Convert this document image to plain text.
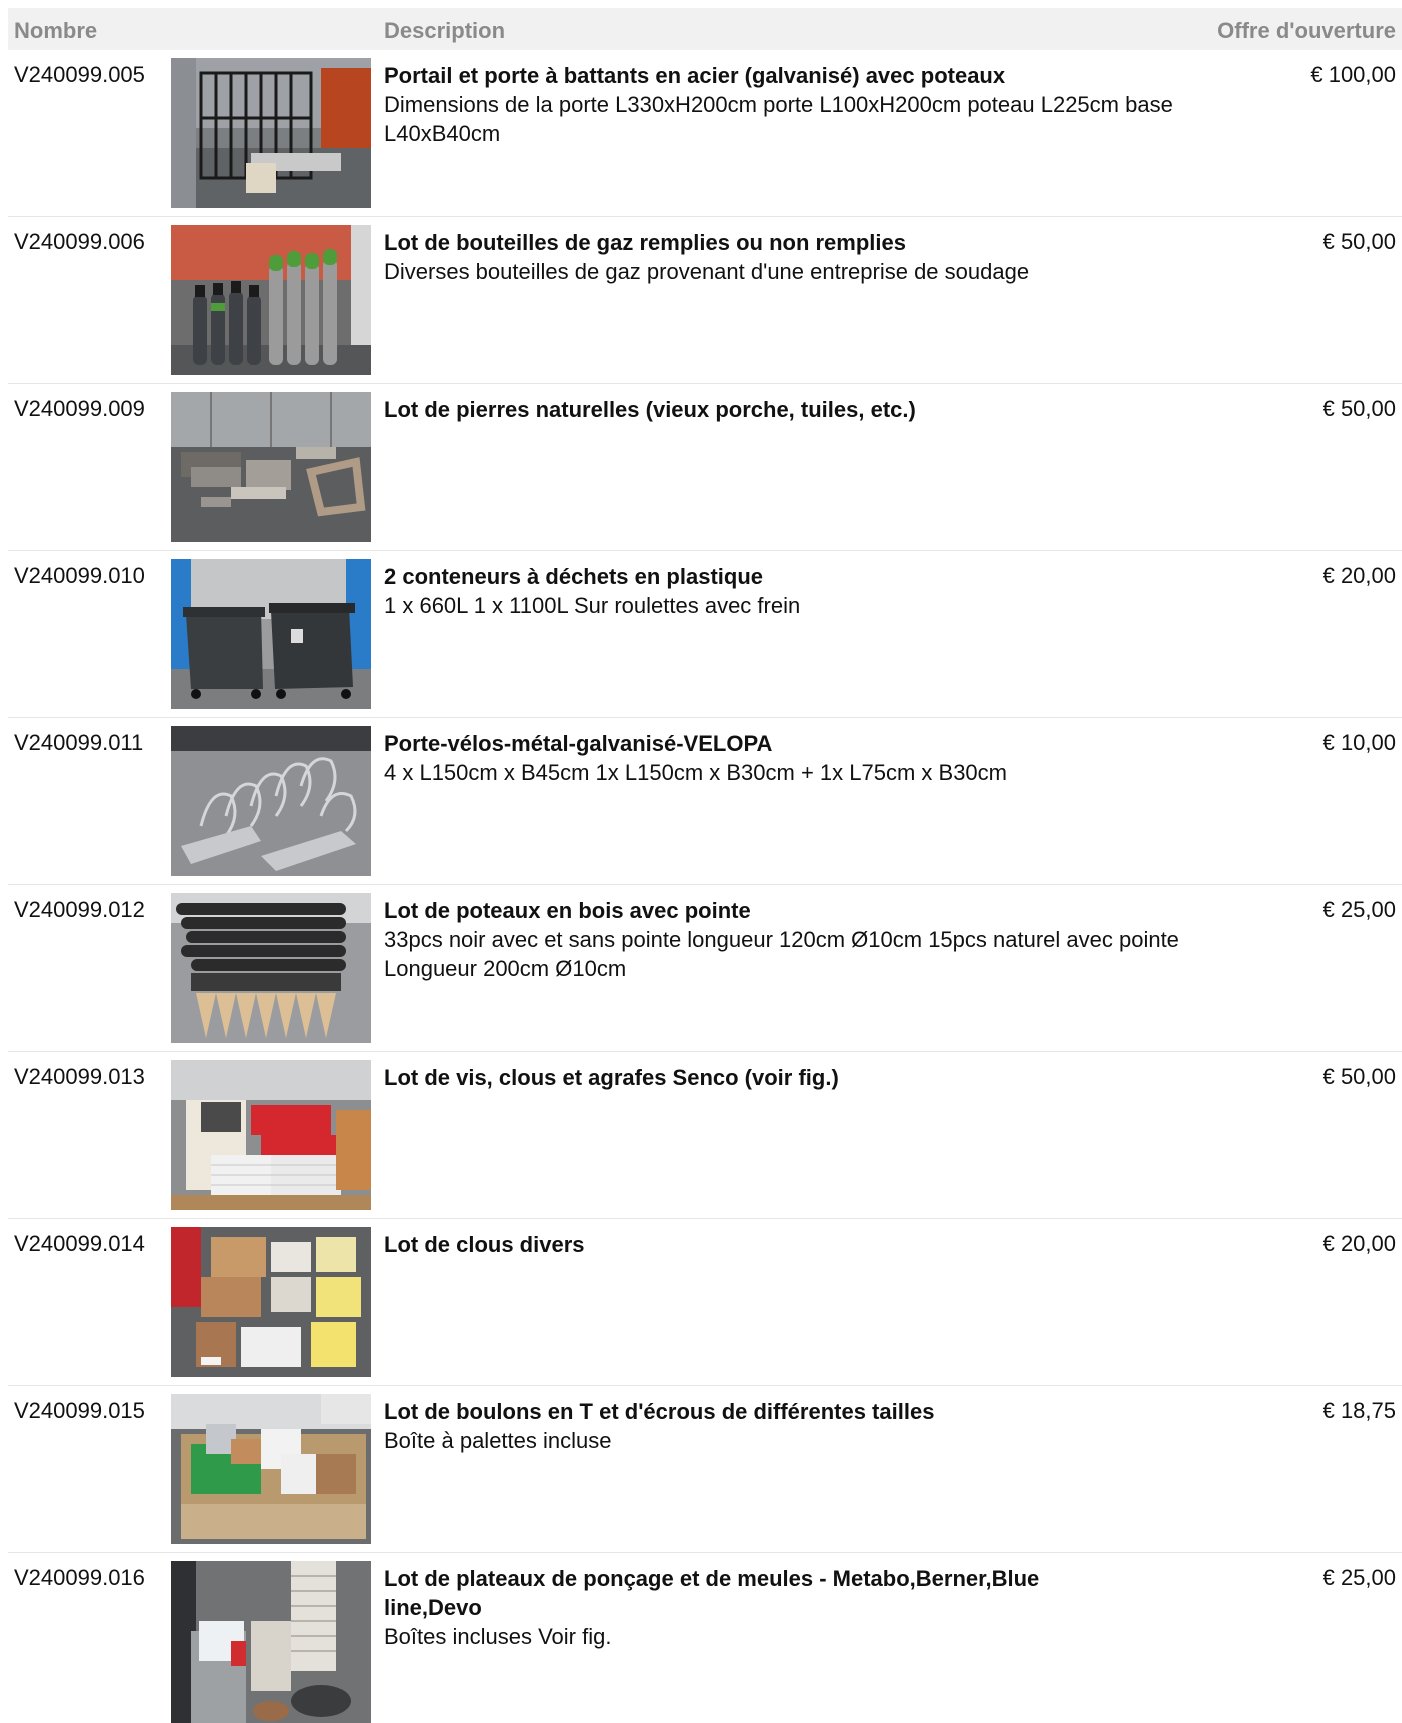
Nombre	Description	Offre d'ouverture
V240099.005	Portail et porte à battants en acier (galvanisé) avec poteaux
Dimensions de la porte L330xH200cm porte L100xH200cm poteau L225cm base L40xB40cm
€ 100,00
V240099.006	Lot de bouteilles de gaz remplies ou non remplies
Diverses bouteilles de gaz provenant d'une entreprise de soudage
€ 50,00
V240099.009	Lot de pierres naturelles (vieux porche, tuiles, etc.)	€ 50,00
V240099.010	2 conteneurs à déchets en plastique
1 x 660L 1 x 1100L Sur roulettes avec frein
€ 20,00
V240099.011	Porte-vélos-métal-galvanisé-VELOPA
4 x L150cm x B45cm 1x L150cm x B30cm + 1x L75cm x B30cm
€ 10,00
V240099.012	Lot de poteaux en bois avec pointe
33pcs noir avec et sans pointe longueur 120cm Ø10cm 15pcs naturel avec pointe Longueur 200cm Ø10cm
€ 25,00
V240099.013	Lot de vis, clous et agrafes Senco (voir fig.)	€ 50,00
V240099.014	Lot de clous divers	€ 20,00
V240099.015	Lot de boulons en T et d'écrous de différentes tailles
Boîte à palettes incluse
€ 18,75
V240099.016	Lot de plateaux de ponçage et de meules - Metabo,Berner,Blue line,Devo
Boîtes incluses Voir fig.
€ 25,00
